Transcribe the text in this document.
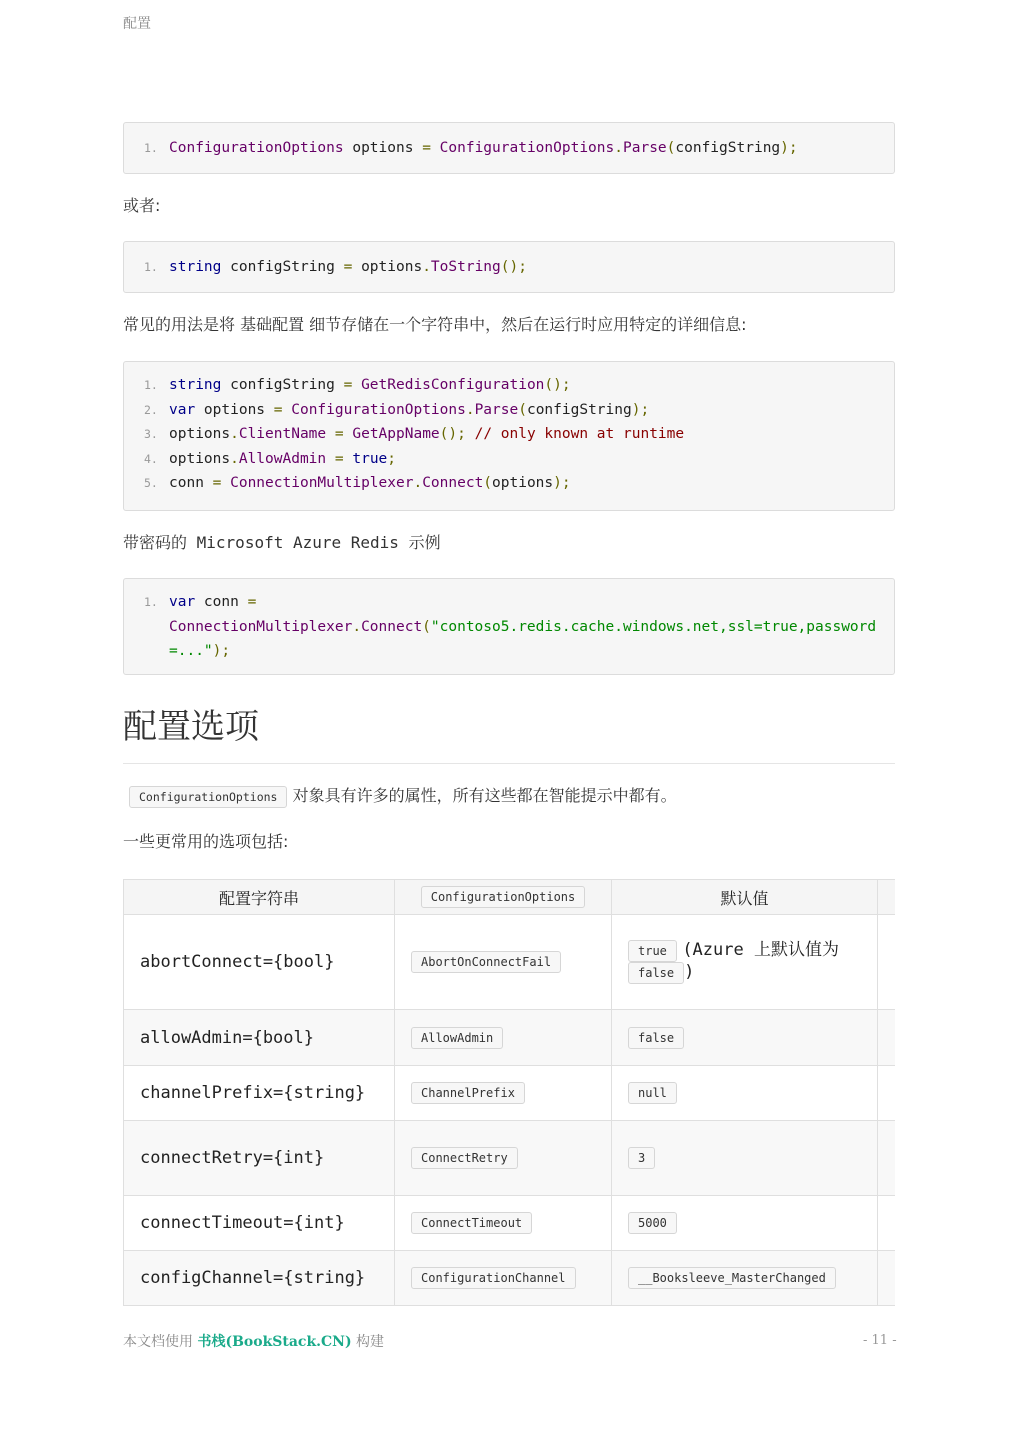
配置
1. ConfigurationOptions options = ConfigurationOptions.Parse(configString);

或者:

1. string configString = options.ToString();

常见的用法是将 基础配置 细节存储在一个字符串中，然后在运行时应用特定的详细信息:

1. string configString = GetRedisConfiguration();
2. var options = ConfigurationOptions.Parse(configString);
3. options.ClientName = GetAppName(); // only known at runtime
4. options.AllowAdmin = true;
5. conn = ConnectionMultiplexer.Connect(options);

带密码的 Microsoft Azure Redis 示例

1. var conn =
ConnectionMultiplexer.Connect("contoso5.redis.cache.windows.net,ssl=true,password=...");
配置选项

ConfigurationOptions 对象具有许多的属性，所有这些都在智能提示中都有。

一些更常用的选项包括:

配置字符串	ConfigurationOptions	默认值	
abortConnect={bool}	AbortOnConnectFail	true (Azure 上默认值为
false )	
allowAdmin={bool}	AllowAdmin	false	
channelPrefix={string}	ChannelPrefix	null	
connectRetry={int}	ConnectRetry	3	
connectTimeout={int}	ConnectTimeout	5000	
configChannel={string}	ConfigurationChannel	__Booksleeve_MasterChanged	
本文档使用 书栈(BookStack.CN) 构建	- 11 -
